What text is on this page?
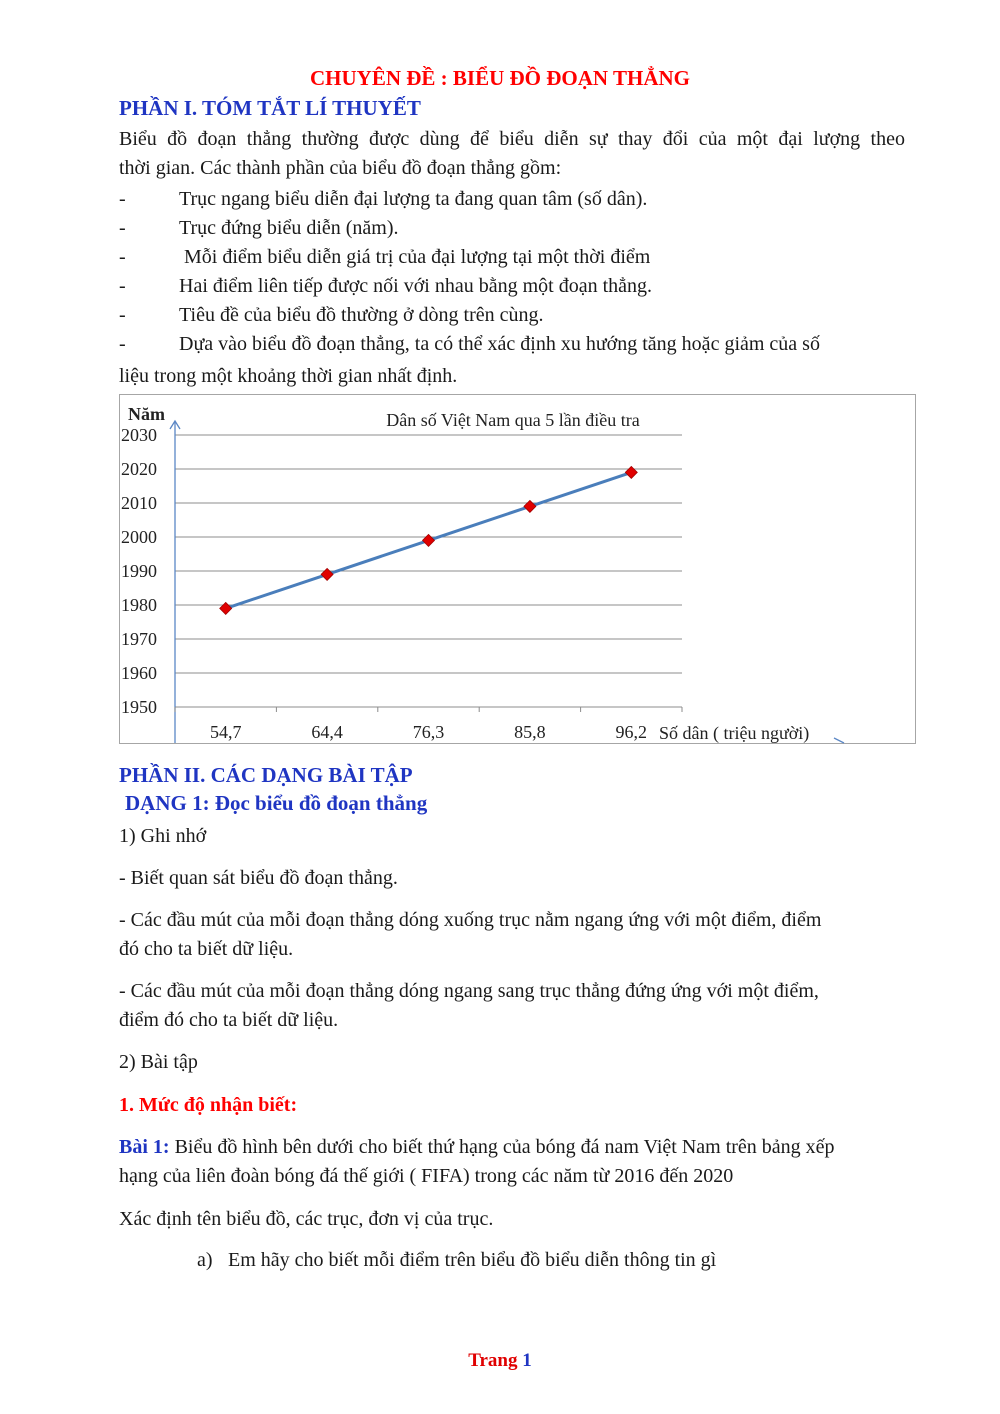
CHUYÊN ĐỀ : BIỂU ĐỒ ĐOẠN THẲNG
PHẦN I. TÓM TẮT LÍ THUYẾT
Biểu đồ đoạn thẳng thường được dùng để biểu diễn sự thay đổi của một đại lượng theo
thời gian. Các thành phần của biểu đồ đoạn thẳng gồm:
-	Trục ngang biểu diễn đại lượng ta đang quan tâm (số dân).
-	Trục đứng biểu diễn (năm).
-	Mỗi điểm biểu diễn giá trị của đại lượng tại một thời điểm
-	Hai điểm liên tiếp được nối với nhau bằng một đoạn thẳng.
-	Tiêu đề của biểu đồ thường ở dòng trên cùng.
-	Dựa vào biểu đồ đoạn thẳng, ta có thể xác định xu hướng tăng hoặc giảm của số
liệu trong một khoảng thời gian nhất định.
Dân số Việt Nam qua 5 lần điều tra
Năm
Số dân ( triệu người)
1950
1960
1970
1980
1990
2000
2010
2020
2030
54,7	64,4	76,3	85,8	96,2
PHẦN II. CÁC DẠNG BÀI TẬP
DẠNG 1: Đọc biểu đồ đoạn thẳng
1) Ghi nhớ
- Biết quan sát biểu đồ đoạn thẳng.
- Các đầu mút của mỗi đoạn thẳng dóng xuống trục nằm ngang ứng với một điểm, điểm
đó cho ta biết dữ liệu.
- Các đầu mút của mỗi đoạn thẳng dóng ngang sang trục thẳng đứng ứng với một điểm,
điểm đó cho ta biết dữ liệu.
2) Bài tập
1. Mức độ nhận biết:
Bài 1: Biểu đồ hình bên dưới cho biết thứ hạng của bóng đá nam Việt Nam trên bảng xếp
hạng của liên đoàn bóng đá thế giới ( FIFA) trong các năm từ 2016 đến 2020
Xác định tên biểu đồ, các trục, đơn vị của trục.
a) Em hãy cho biết mỗi điểm trên biểu đồ biểu diễn thông tin gì
Trang 1
